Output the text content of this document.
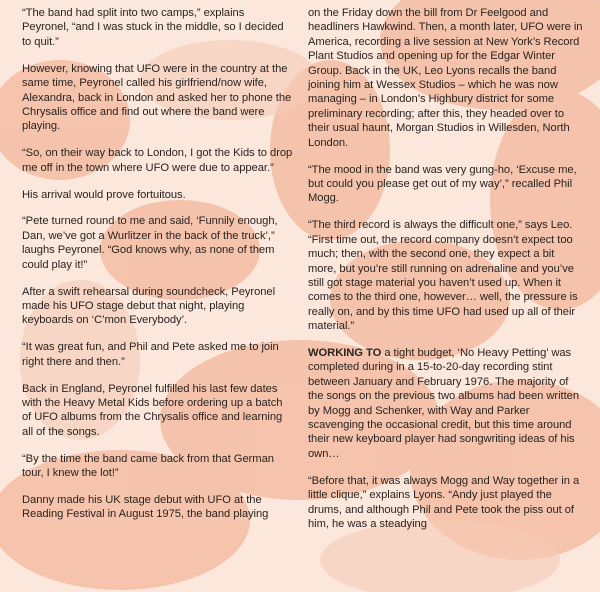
“The band had split into two camps,” explains Peyronel, “and I was stuck in the middle, so I decided to quit.”

However, knowing that UFO were in the country at the same time, Peyronel called his girlfriend/now wife, Alexandra, back in London and asked her to phone the Chrysalis office and find out where the band were playing.

“So, on their way back to London, I got the Kids to drop me off in the town where UFO were due to appear.”

His arrival would prove fortuitous.

“Pete turned round to me and said, ‘Funnily enough, Dan, we’ve got a Wurlitzer in the back of the truck’,” laughs Peyronel. “God knows why, as none of them could play it!”

After a swift rehearsal during soundcheck, Peyronel made his UFO stage debut that night, playing keyboards on ‘C’mon Everybody’.

“It was great fun, and Phil and Pete asked me to join right there and then.”

Back in England, Peyronel fulfilled his last few dates with the Heavy Metal Kids before ordering up a batch of UFO albums from the Chrysalis office and learning all of the songs.

“By the time the band came back from that German tour, I knew the lot!”

Danny made his UK stage debut with UFO at the Reading Festival in August 1975, the band playing

on the Friday down the bill from Dr Feelgood and headliners Hawkwind. Then, a month later, UFO were in America, recording a live session at New York’s Record Plant Studios and opening up for the Edgar Winter Group. Back in the UK, Leo Lyons recalls the band joining him at Wessex Studios – which he was now managing – in London’s Highbury district for some preliminary recording; after this, they headed over to their usual haunt, Morgan Studios in Willesden, North London.

“The mood in the band was very gung-ho, ‘Excuse me, but could you please get out of my way’,” recalled Phil Mogg.

“The third record is always the difficult one,” says Leo. “First time out, the record company doesn’t expect too much; then, with the second one, they expect a bit more, but you’re still running on adrenaline and you’ve still got stage material you haven’t used up. When it comes to the third one, however… well, the pressure is really on, and by this time UFO had used up all of their material.”

WORKING TO a tight budget, ‘No Heavy Petting’ was completed during in a 15-to-20-day recording stint between January and February 1976. The majority of the songs on the previous two albums had been written by Mogg and Schenker, with Way and Parker scavenging the occasional credit, but this time around their new keyboard player had songwriting ideas of his own…

“Before that, it was always Mogg and Way together in a little clique,” explains Lyons. “Andy just played the drums, and although Phil and Pete took the piss out of him, he was a steadying
